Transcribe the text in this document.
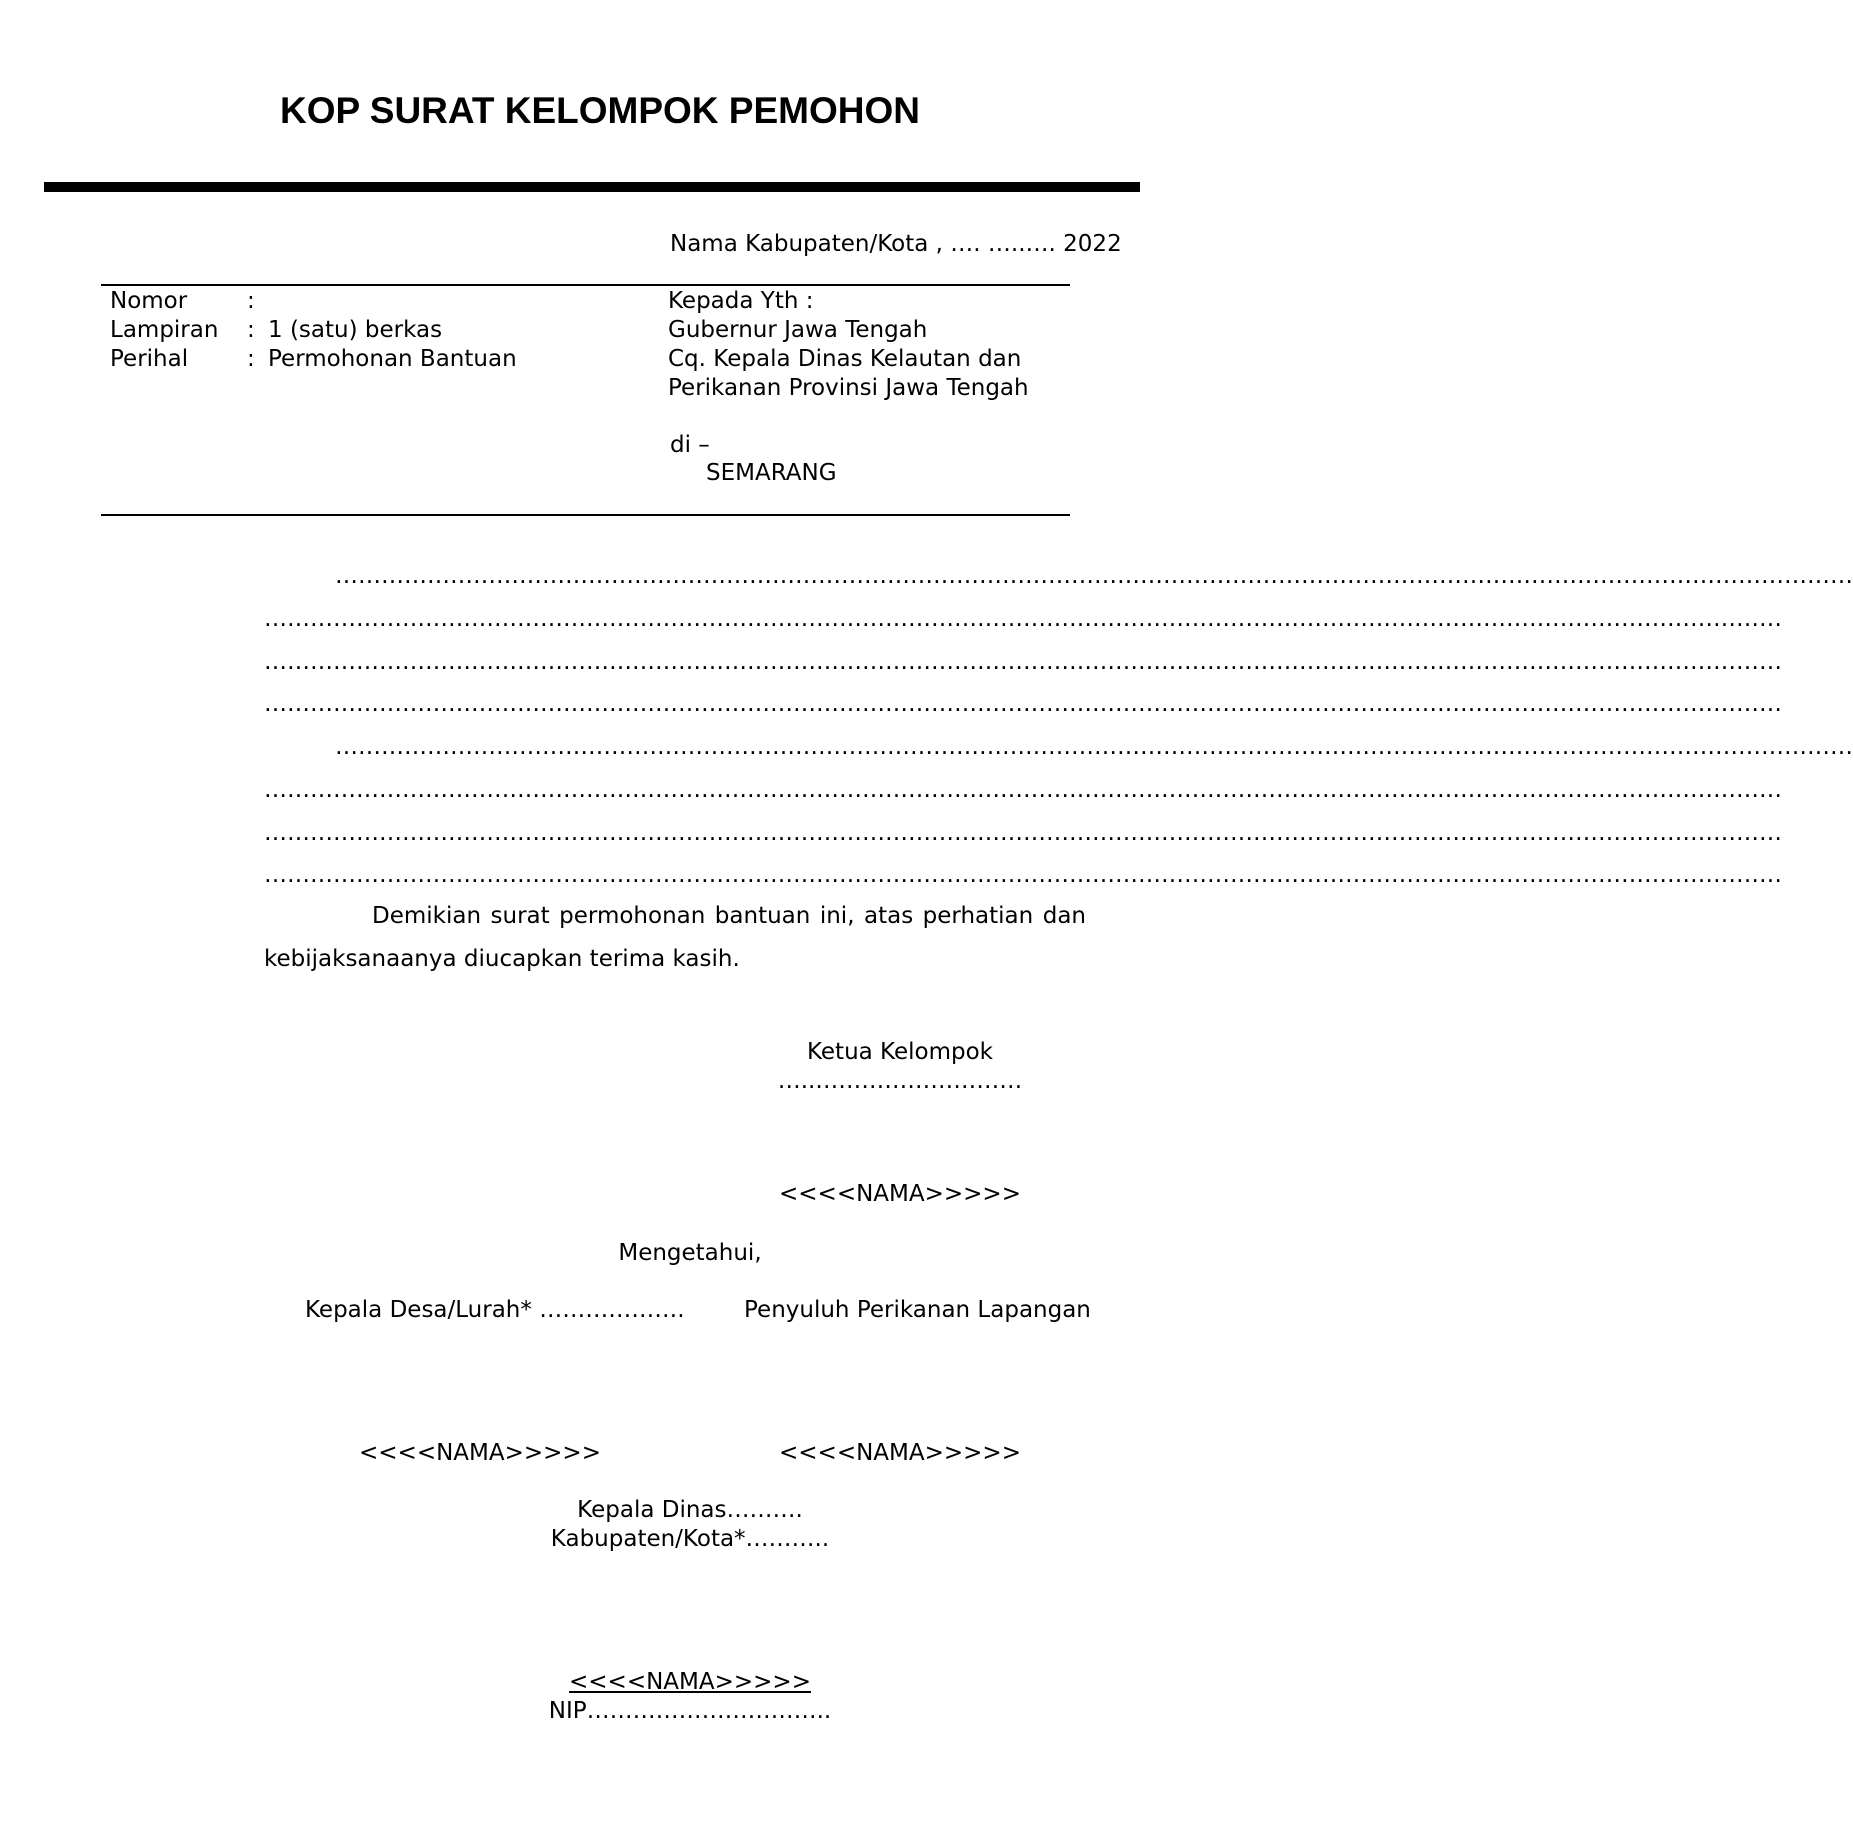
KOP SURAT KELOMPOK PEMOHON
Nama Kabupaten/Kota , …. …..…. 2022
Nomor	:
Lampiran : 1 (satu) berkas
Perihal	: Permohonan Bantuan
Kepada Yth :
Gubernur Jawa Tengah
Cq. Kepala Dinas Kelautan dan
Perikanan Provinsi Jawa Tengah
di –
SEMARANG
………………………………………………………………………………………………………………………………………………………………………………
………………………………………………………………………………………………………………………………………………………………………………
………………………………………………………………………………………………………………………………………………………………………………
………………………………………………………………………………………………………………………………………………………………………………
………………………………………………………………………………………………………………………………………………………………………………
………………………………………………………………………………………………………………………………………………………………………………
………………………………………………………………………………………………………………………………………………………………………………
………………………………………………………………………………………………………………………………………………………………………………
Demikian surat permohonan bantuan ini, atas perhatian dan
kebijaksanaanya diucapkan terima kasih.
Ketua Kelompok
…..………………………
<<<<NAMA>>>>>
Mengetahui,
Kepala Desa/Lurah* ……………….	Penyuluh Perikanan Lapangan
<<<<NAMA>>>>>	<<<<NAMA>>>>>
Kepala Dinas……….
Kabupaten/Kota*………..
<<<<NAMA>>>>>
NIP…………………………..
